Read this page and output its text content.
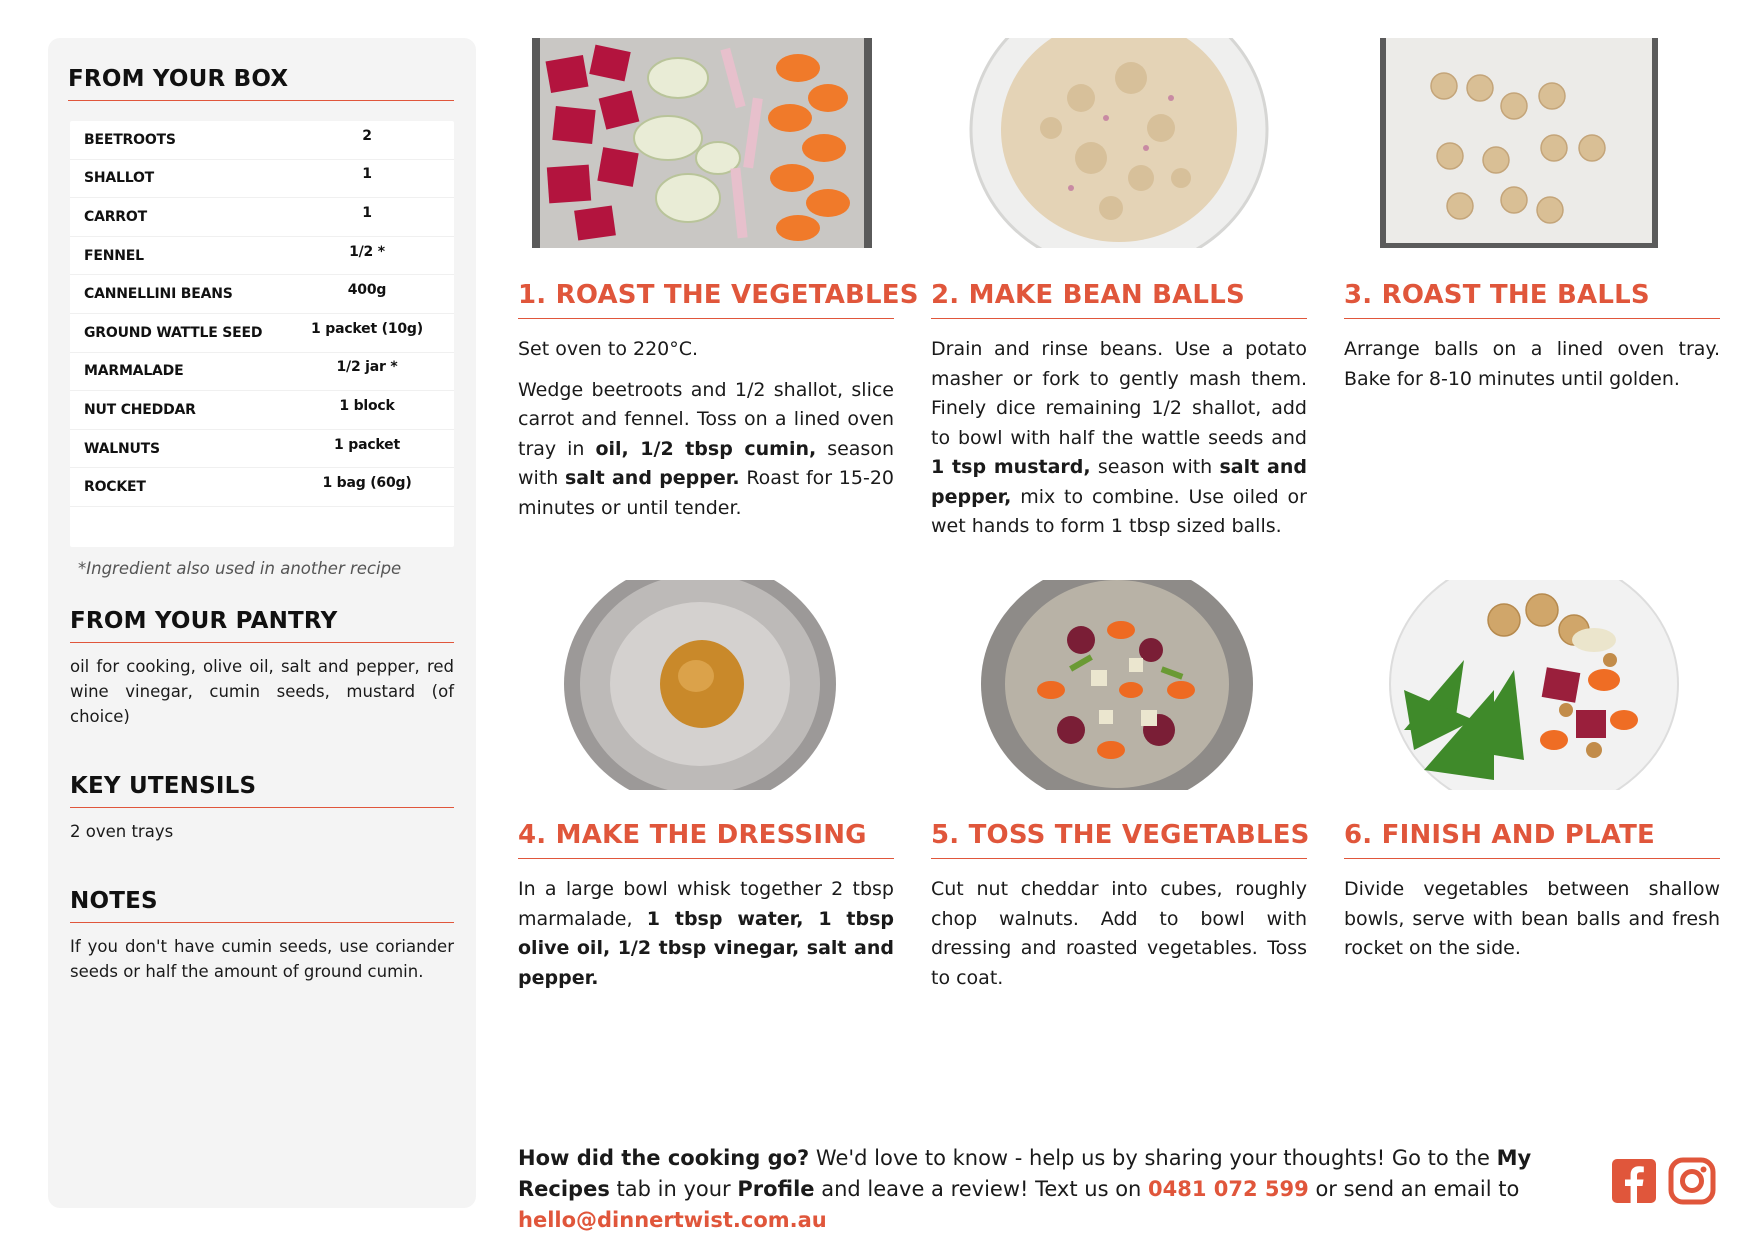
FROM YOUR BOX
BEETROOTS	2
SHALLOT	1
CARROT	1
FENNEL	1/2 *
CANNELLINI BEANS	400g
GROUND WATTLE SEED	1 packet (10g)
MARMALADE	1/2 jar *
NUT CHEDDAR	1 block
WALNUTS	1 packet
ROCKET	1 bag (60g)
*Ingredient also used in another recipe
FROM YOUR PANTRY
oil for cooking, olive oil, salt and pepper, red wine vinegar, cumin seeds, mustard (of choice)
KEY UTENSILS
2 oven trays
NOTES
If you don't have cumin seeds, use coriander seeds or half the amount of ground cumin.
1. ROAST THE VEGETABLES

Set oven to 220°C.

Wedge beetroots and 1/2 shallot, slice carrot and fennel. Toss on a lined oven tray in oil, 1/2 tbsp cumin, season with salt and pepper. Roast for 15-20 minutes or until tender.

2. MAKE BEAN BALLS

Drain and rinse beans. Use a potato masher or fork to gently mash them. Finely dice remaining 1/2 shallot, add to bowl with half the wattle seeds and 1 tsp mustard, season with salt and pepper, mix to combine. Use oiled or wet hands to form 1 tbsp sized balls.

3. ROAST THE BALLS

Arrange balls on a lined oven tray. Bake for 8-10 minutes until golden.

4. MAKE THE DRESSING

In a large bowl whisk together 2 tbsp marmalade, 1 tbsp water, 1 tbsp olive oil, 1/2 tbsp vinegar, salt and pepper.

5. TOSS THE VEGETABLES

Cut nut cheddar into cubes, roughly chop walnuts. Add to bowl with dressing and roasted vegetables. Toss to coat.

6. FINISH AND PLATE

Divide vegetables between shallow bowls, serve with bean balls and fresh rocket on the side.

How did the cooking go? We'd love to know - help us by sharing your thoughts! Go to the My Recipes tab in your Profile and leave a review! Text us on 0481 072 599 or send an email to hello@dinnertwist.com.au
